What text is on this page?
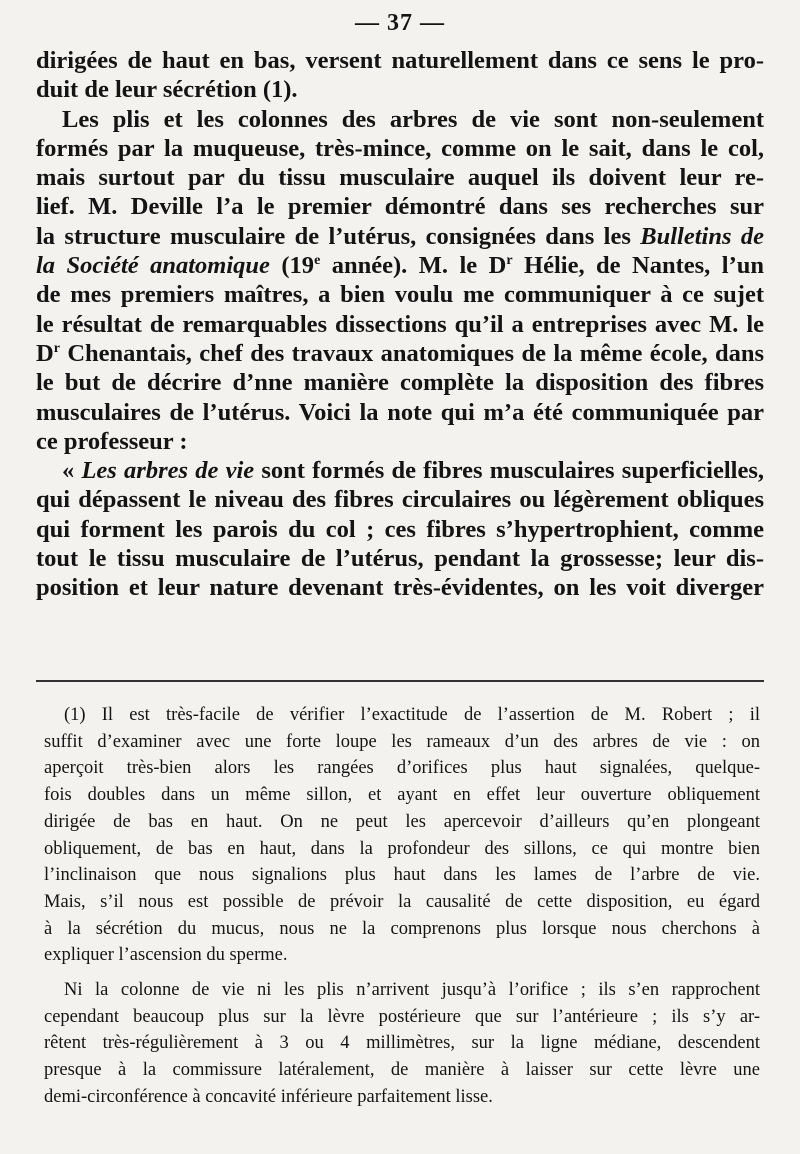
— 37 —

dirigées de haut en bas, versent naturellement dans ce sens le pro-
duit de leur sécrétion (1).

Les plis et les colonnes des arbres de vie sont non-seulement
formés par la muqueuse, très-mince, comme on le sait, dans le col,
mais surtout par du tissu musculaire auquel ils doivent leur re-
lief. M. Deville l’a le premier démontré dans ses recherches sur
la structure musculaire de l’utérus, consignées dans les Bulletins de
la Société anatomique (19e année). M. le $D^r$ Hélie, de Nantes, l’un
de mes premiers maîtres, a bien voulu me communiquer à ce sujet
le résultat de remarquables dissections qu’il a entreprises avec M. le
$D^r$ Chenantais, chef des travaux anatomiques de la même école, dans
le but de décrire d’nne manière complète la disposition des fibres
musculaires de l’utérus. Voici la note qui m’a été communiquée par
ce professeur :

« Les arbres de vie sont formés de fibres musculaires superficielles,
qui dépassent le niveau des fibres circulaires ou légèrement obliques
qui forment les parois du col ; ces fibres s’hypertrophient, comme
tout le tissu musculaire de l’utérus, pendant la grossesse; leur dis-
position et leur nature devenant très-évidentes, on les voit diverger

(1) Il est très-facile de vérifier l’exactitude de l’assertion de M. Robert ; il
suffit d’examiner avec une forte loupe les rameaux d’un des arbres de vie : on
aperçoit très-bien alors les rangées d’orifices plus haut signalées, quelque-
fois doubles dans un même sillon, et ayant en effet leur ouverture obliquement
dirigée de bas en haut. On ne peut les apercevoir d’ailleurs qu’en plongeant
obliquement, de bas en haut, dans la profondeur des sillons, ce qui montre bien
l’inclinaison que nous signalions plus haut dans les lames de l’arbre de vie.
Mais, s’il nous est possible de prévoir la causalité de cette disposition, eu égard
à la sécrétion du mucus, nous ne la comprenons plus lorsque nous cherchons à
expliquer l’ascension du sperme.

Ni la colonne de vie ni les plis n’arrivent jusqu’à l’orifice ; ils s’en rapprochent
cependant beaucoup plus sur la lèvre postérieure que sur l’antérieure ; ils s’y ar-
rêtent très-régulièrement à 3 ou 4 millimètres, sur la ligne médiane, descendent
presque à la commissure latéralement, de manière à laisser sur cette lèvre une
demi-circonférence à concavité inférieure parfaitement lisse.
